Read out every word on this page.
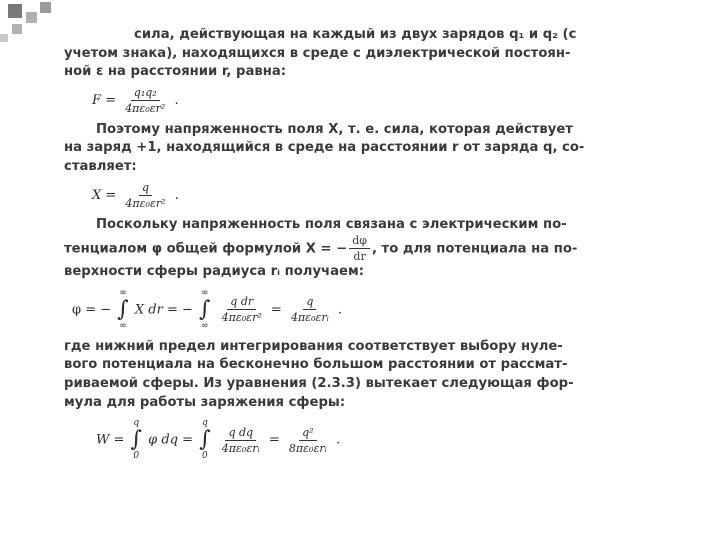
сила, действующая на каждый из двух зарядов q₁ и q₂ (с

учетом знака), находящихся в среде с диэлектрической постоян-

ной ε на расстоянии r, равна:

$F = \frac{\text{q₁q₂}}{\text{4πε₀εr²}}$ .

Поэтому напряженность поля X, т. е. сила, которая действует

на заряд +1, находящийся в среде на расстоянии r от заряда q, со-

ставляет:

$X = \frac{q}{\text{4πε₀εr²}}$ .

Поскольку напряженность поля связана с электрическим по-

тенциалом φ общей формулой X = − $\frac{d\varphi}{dr}$ , то для потенциала на по-

верхности сферы радиуса rᵢ получаем:

φ = −
∞
∫
∞
X dr = −
∞
∫
∞

$\frac{\text{q dr}}{\text{4πε₀εr²}} = \frac{q}{\text{4πε₀εrᵢ}}$ .

где нижний предел интегрирования соответствует выбору нуле-

вого потенциала на бесконечно большом расстоянии от рассмат-

риваемой сферы. Из уравнения (2.3.3) вытекает следующая фор-

мула для работы заряжения сферы:

W =
q
∫
0
φ dq =
q
∫
0

$\frac{\text{q dq}}{\text{4πε₀εrᵢ}} = \frac{\text{q²}}{\text{8πε₀εrᵢ}}$ .
